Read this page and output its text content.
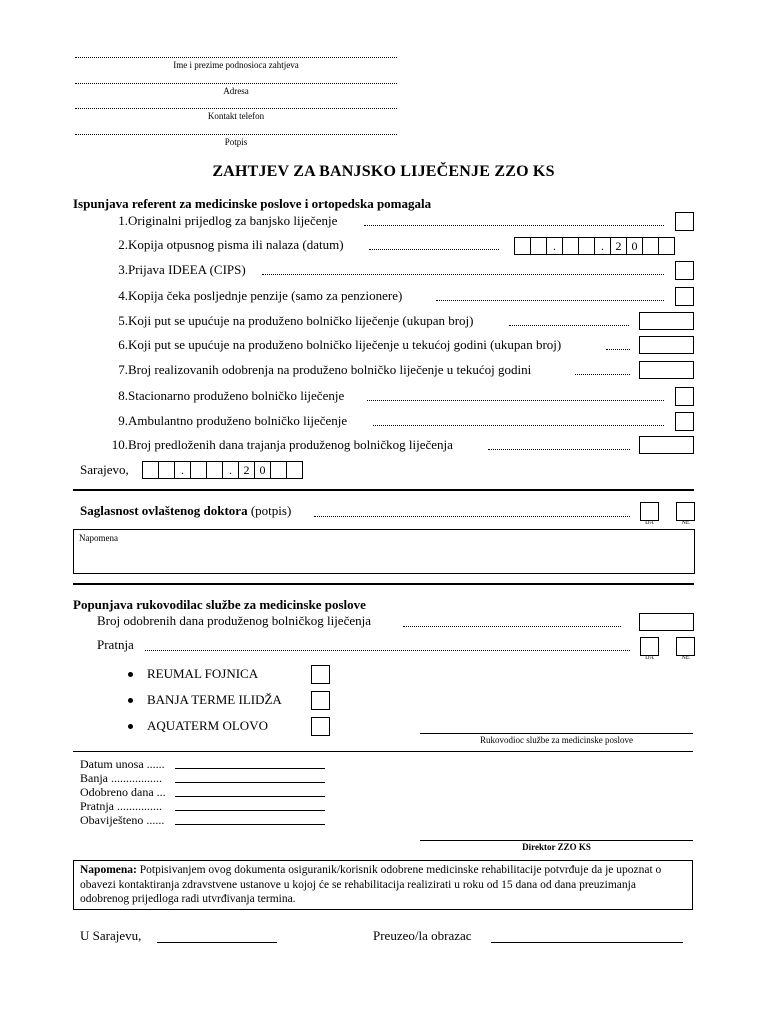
Ime i prezime podnosioca zahtjeva
Adresa
Kontakt telefon
Potpis
ZAHTJEV ZA BANJSKO LIJEČENJE ZZO KS
Ispunjava referent za medicinske poslove i ortopedska pomagala
1. Originalni prijedlog za banjsko liječenje
2. Kopija otpusnog pisma ili nalaza (datum)	.	. 2 0
3. Prijava IDEEA (CIPS)
4. Kopija čeka posljednje penzije (samo za penzionere)
5. Koji put se upućuje na produženo bolničko liječenje (ukupan broj)
6. Koji put se upućuje na produženo bolničko liječenje u tekućoj godini (ukupan broj)
7. Broj realizovanih odobrenja na produženo bolničko liječenje u tekućoj godini
8. Stacionarno produženo bolničko liječenje
9. Ambulantno produženo bolničko liječenje
10. Broj predloženih dana trajanja produženog bolničkog liječenja
Sarajevo,	.	. 2 0
Saglasnost ovlaštenog doktora (potpis)
DA	NE
Napomena
Popunjava rukovodilac službe za medicinske poslove
Broj odobrenih dana produženog bolničkog liječenja
Pratnja
DA	NE
REUMAL FOJNICA
BANJA TERME ILIDŽA
AQUATERM OLOVO
Rukovodioc službe za medicinske poslove
Datum unosa ......
Banja .................
Odobreno dana ...
Pratnja ...............
Obaviješteno ......
Direktor ZZO KS
Napomena: Potpisivanjem ovog dokumenta osiguranik/korisnik odobrene medicinske rehabilitacije potvrđuje da je upoznat o obavezi kontaktiranja zdravstvene ustanove u kojoj će se rehabilitacija realizirati u roku od 15 dana od dana preuzimanja odobrenog prijedloga radi utvrđivanja termina.
U Sarajevu,	Preuzeo/la obrazac
